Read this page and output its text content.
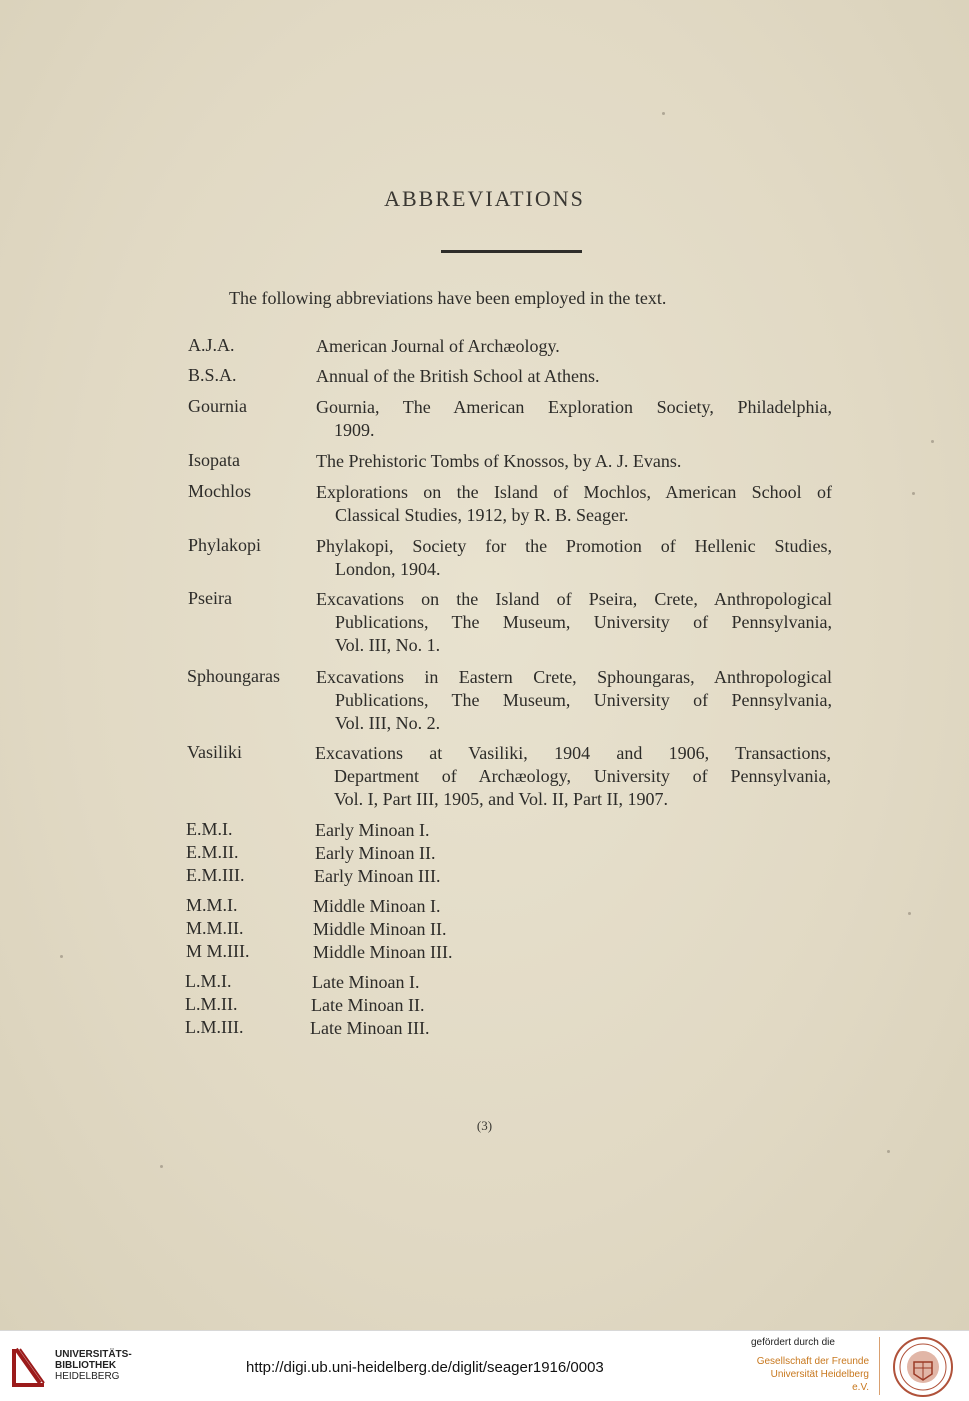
ABBREVIATIONS
The following abbreviations have been employed in the text.
A.J.A.	American Journal of Archæology.
B.S.A.	Annual of the British School at Athens.
Gournia	Gournia, The American Exploration Society, Philadelphia,
1909.
Isopata	The Prehistoric Tombs of Knossos, by A. J. Evans.
Mochlos	Explorations on the Island of Mochlos, American School of
Classical Studies, 1912, by R. B. Seager.
Phylakopi	Phylakopi, Society for the Promotion of Hellenic Studies,
London, 1904.
Pseira	Excavations on the Island of Pseira, Crete, Anthropological
Publications, The Museum, University of Pennsylvania,
Vol. III, No. 1.
Sphoungaras Excavations in Eastern Crete, Sphoungaras, Anthropological
Publications, The Museum, University of Pennsylvania,
Vol. III, No. 2.
Vasiliki	Excavations at Vasiliki, 1904 and 1906, Transactions,
Department of Archæology, University of Pennsylvania,
Vol. I, Part III, 1905, and Vol. II, Part II, 1907.
E.M.I.	Early Minoan I.
E.M.II.	Early Minoan II.
E.M.III.	Early Minoan III.
M.M.I.	Middle Minoan I.
M.M.II.	Middle Minoan II.
M M.III.	Middle Minoan III.
L.M.I.	Late Minoan I.
L.M.II.	Late Minoan II.
L.M.III.	Late Minoan III.
(3)
UNIVERSITÄTS-
BIBLIOTHEK
HEIDELBERG
http://digi.ub.uni-heidelberg.de/diglit/seager1916/0003
gefördert durch die
Gesellschaft der Freunde
Universität Heidelberg e.V.
